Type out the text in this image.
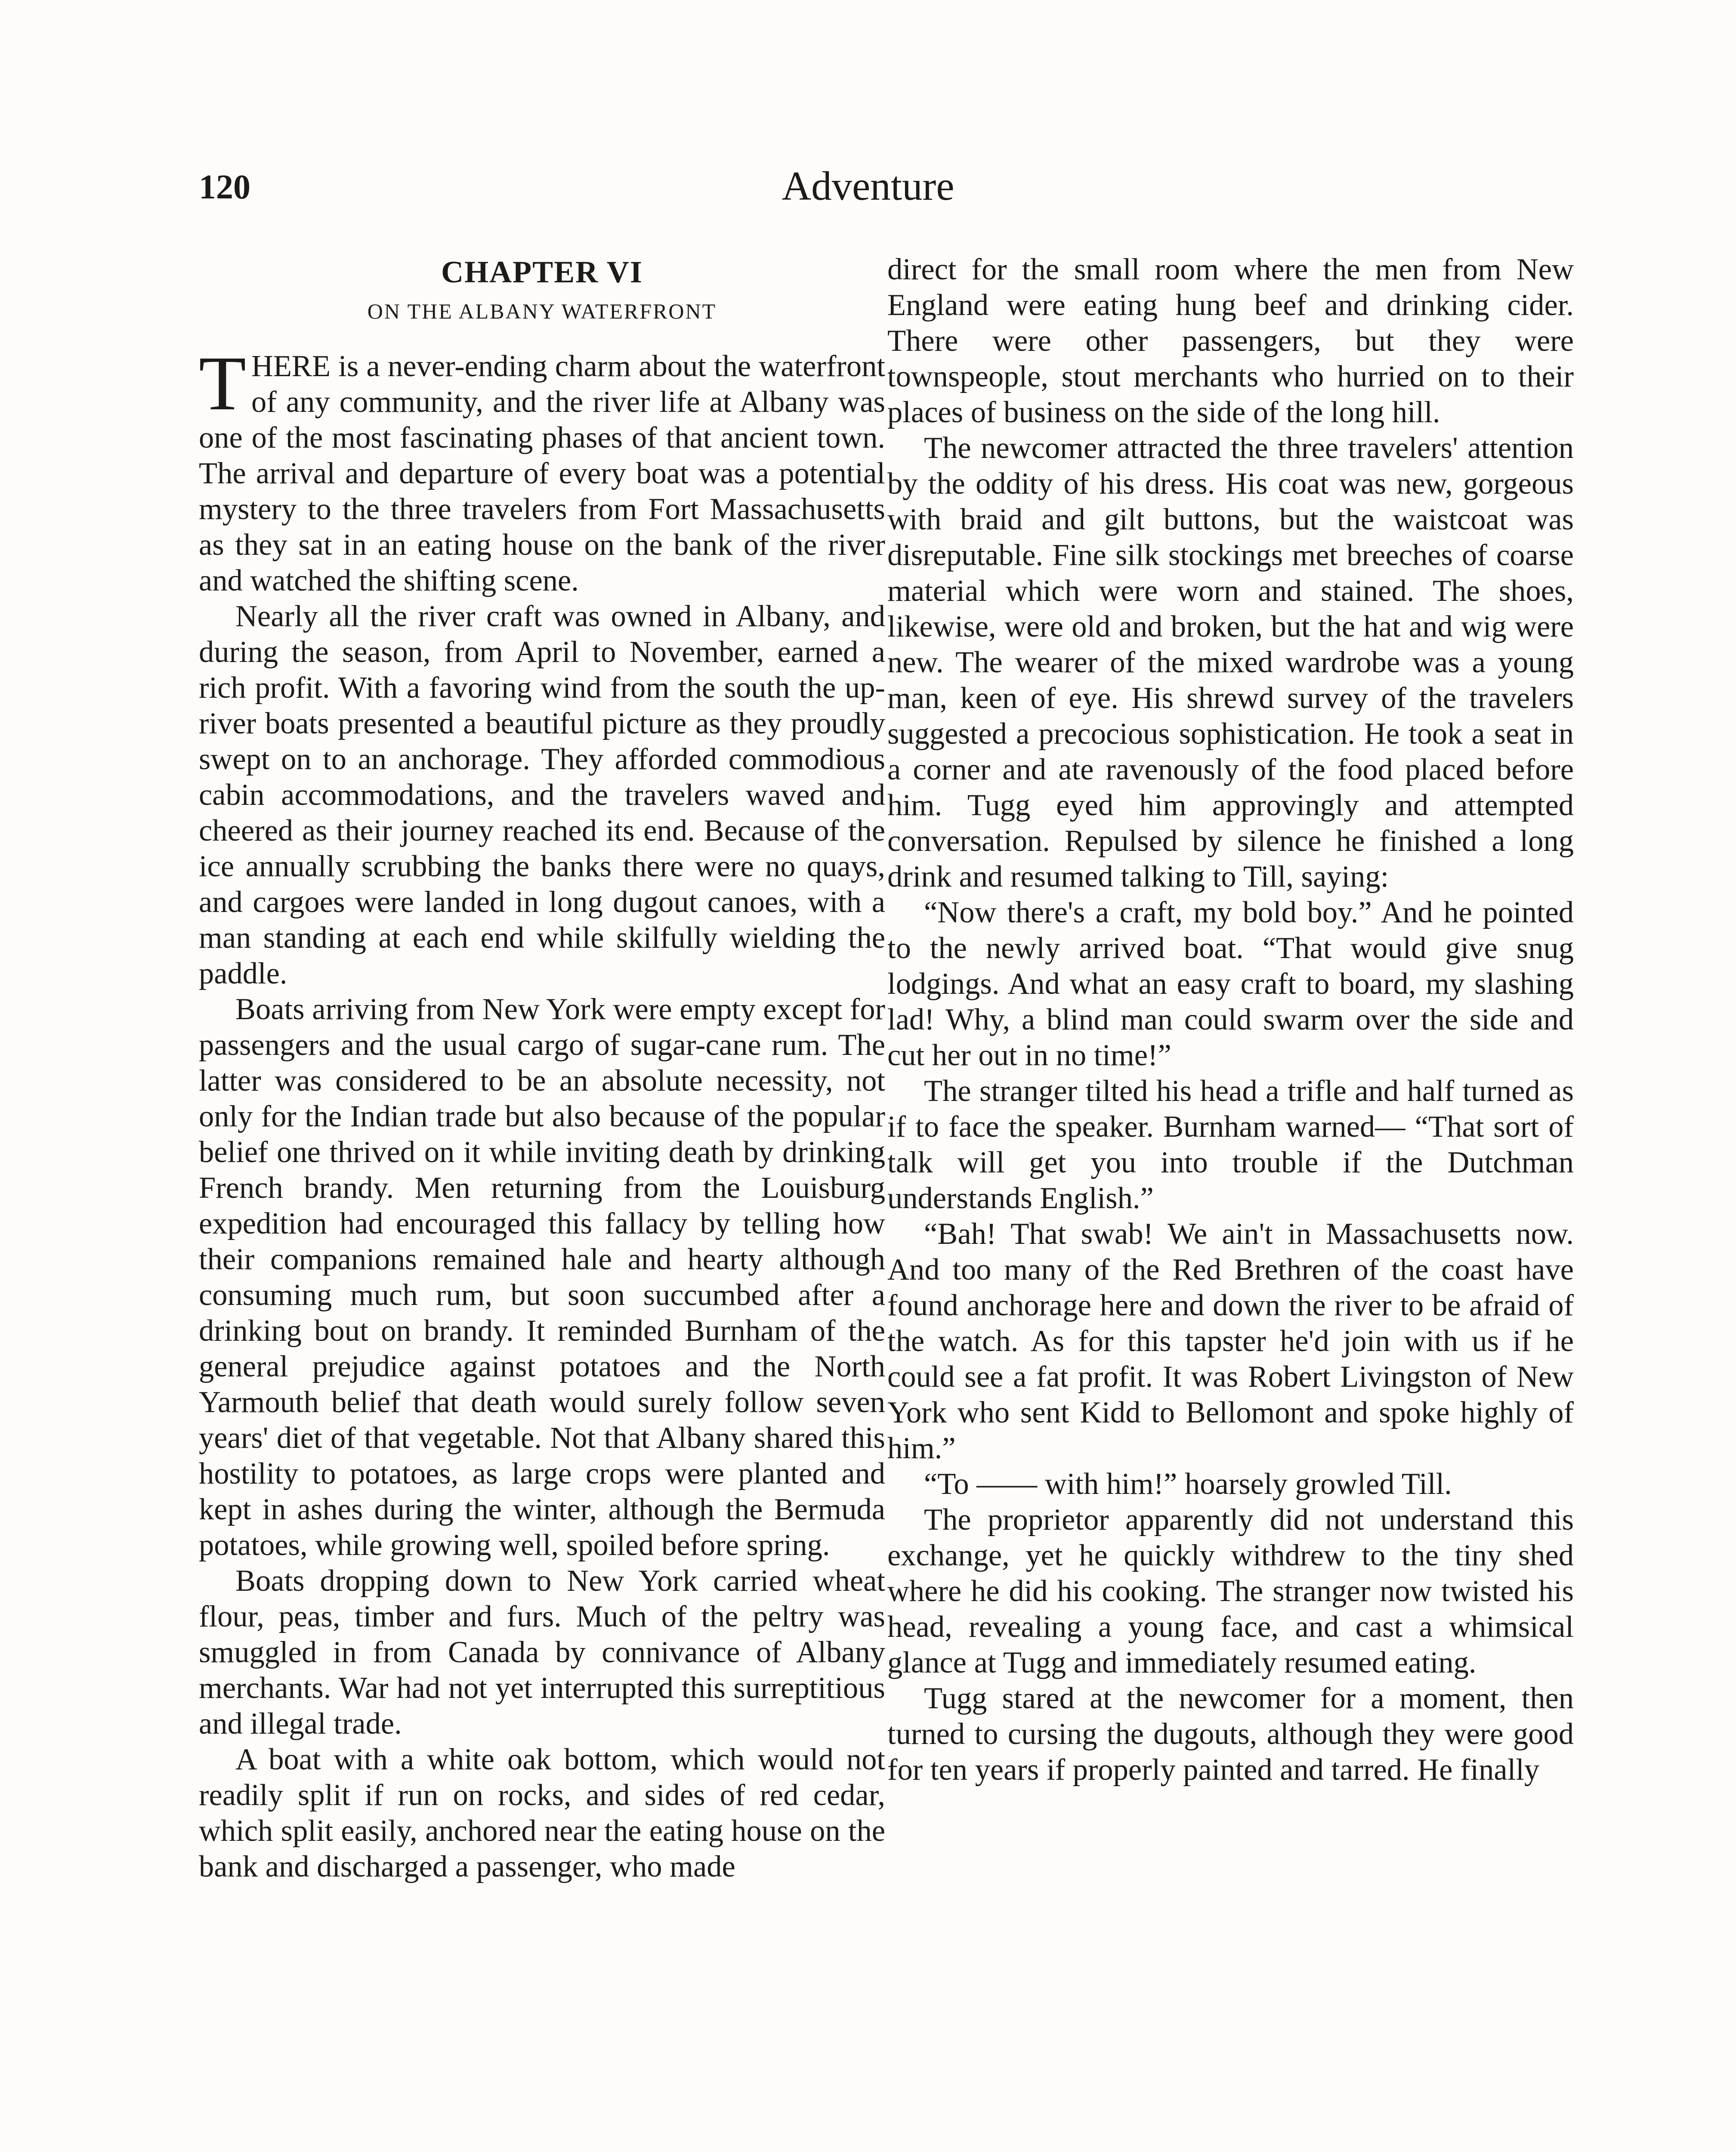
120	Adventure
CHAPTER VI
ON THE ALBANY WATERFRONT

THERE is a never-ending charm about the waterfront of any community, and the river life at Albany was one of the most fascinating phases of that ancient town. The arrival and departure of every boat was a potential mystery to the three travelers from Fort Massachusetts as they sat in an eating house on the bank of the river and watched the shifting scene.

Nearly all the river craft was owned in Albany, and during the season, from April to November, earned a rich profit. With a favoring wind from the south the up-river boats presented a beautiful picture as they proudly swept on to an anchorage. They afforded commodious cabin accommodations, and the travelers waved and cheered as their journey reached its end. Because of the ice annually scrubbing the banks there were no quays, and cargoes were landed in long dugout canoes, with a man standing at each end while skilfully wielding the paddle.

Boats arriving from New York were empty except for passengers and the usual cargo of sugar-cane rum. The latter was considered to be an absolute necessity, not only for the Indian trade but also because of the popular belief one thrived on it while inviting death by drinking French brandy. Men returning from the Louisburg expedition had encouraged this fallacy by telling how their companions remained hale and hearty although consuming much rum, but soon succumbed after a drinking bout on brandy. It reminded Burnham of the general prejudice against potatoes and the North Yarmouth belief that death would surely follow seven years' diet of that vegetable. Not that Albany shared this hostility to potatoes, as large crops were planted and kept in ashes during the winter, although the Bermuda potatoes, while growing well, spoiled before spring.

Boats dropping down to New York carried wheat flour, peas, timber and furs. Much of the peltry was smuggled in from Canada by connivance of Albany merchants. War had not yet interrupted this surreptitious and illegal trade.

A boat with a white oak bottom, which would not readily split if run on rocks, and sides of red cedar, which split easily, anchored near the eating house on the bank and discharged a passenger, who made

direct for the small room where the men from New England were eating hung beef and drinking cider. There were other passengers, but they were townspeople, stout merchants who hurried on to their places of business on the side of the long hill.

The newcomer attracted the three travelers' attention by the oddity of his dress. His coat was new, gorgeous with braid and gilt buttons, but the waistcoat was disreputable. Fine silk stockings met breeches of coarse material which were worn and stained. The shoes, likewise, were old and broken, but the hat and wig were new. The wearer of the mixed wardrobe was a young man, keen of eye. His shrewd survey of the travelers suggested a precocious sophistication. He took a seat in a corner and ate ravenously of the food placed before him. Tugg eyed him approvingly and attempted conversation. Repulsed by silence he finished a long drink and resumed talking to Till, saying:

“Now there's a craft, my bold boy.” And he pointed to the newly arrived boat. “That would give snug lodgings. And what an easy craft to board, my slashing lad! Why, a blind man could swarm over the side and cut her out in no time!”

The stranger tilted his head a trifle and half turned as if to face the speaker. Burnham warned— “That sort of talk will get you into trouble if the Dutchman understands English.”

“Bah! That swab! We ain't in Massachusetts now. And too many of the Red Brethren of the coast have found anchorage here and down the river to be afraid of the watch. As for this tapster he'd join with us if he could see a fat profit. It was Robert Livingston of New York who sent Kidd to Bellomont and spoke highly of him.”

“To —— with him!” hoarsely growled Till.

The proprietor apparently did not understand this exchange, yet he quickly withdrew to the tiny shed where he did his cooking. The stranger now twisted his head, revealing a young face, and cast a whimsical glance at Tugg and immediately resumed eating.

Tugg stared at the newcomer for a moment, then turned to cursing the dugouts, although they were good for ten years if properly painted and tarred. He finally
